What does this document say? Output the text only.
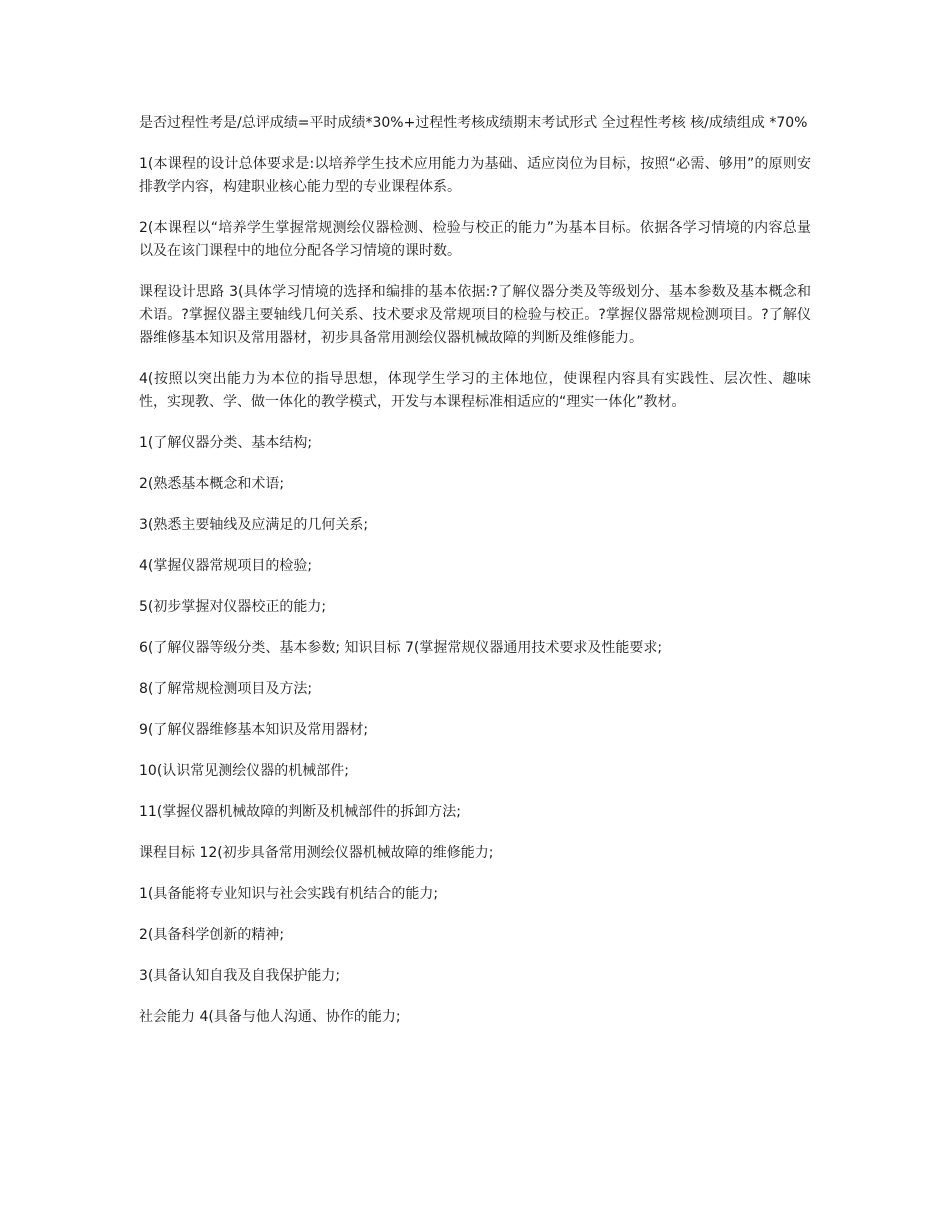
是否过程性考是/总评成绩=平时成绩*30%+过程性考核成绩期末考试形式 全过程性考核 核/成绩组成 *70%

1(本课程的设计总体要求是:以培养学生技术应用能力为基础、适应岗位为目标，按照“必需、够用”的原则安排教学内容，构建职业核心能力型的专业课程体系。

2(本课程以“培养学生掌握常规测绘仪器检测、检验与校正的能力”为基本目标。依据各学习情境的内容总量以及在该门课程中的地位分配各学习情境的课时数。

课程设计思路 3(具体学习情境的选择和编排的基本依据:?了解仪器分类及等级划分、基本参数及基本概念和术语。?掌握仪器主要轴线几何关系、技术要求及常规项目的检验与校正。?掌握仪器常规检测项目。?了解仪器维修基本知识及常用器材，初步具备常用测绘仪器机械故障的判断及维修能力。

4(按照以突出能力为本位的指导思想，体现学生学习的主体地位，使课程内容具有实践性、层次性、趣味性，实现教、学、做一体化的教学模式，开发与本课程标准相适应的“理实一体化”教材。

1(了解仪器分类、基本结构;

2(熟悉基本概念和术语;

3(熟悉主要轴线及应满足的几何关系;

4(掌握仪器常规项目的检验;

5(初步掌握对仪器校正的能力;

6(了解仪器等级分类、基本参数; 知识目标 7(掌握常规仪器通用技术要求及性能要求;

8(了解常规检测项目及方法;

9(了解仪器维修基本知识及常用器材;

10(认识常见测绘仪器的机械部件;

11(掌握仪器机械故障的判断及机械部件的拆卸方法;

课程目标 12(初步具备常用测绘仪器机械故障的维修能力;

1(具备能将专业知识与社会实践有机结合的能力;

2(具备科学创新的精神;

3(具备认知自我及自我保护能力;

社会能力 4(具备与他人沟通、协作的能力;
